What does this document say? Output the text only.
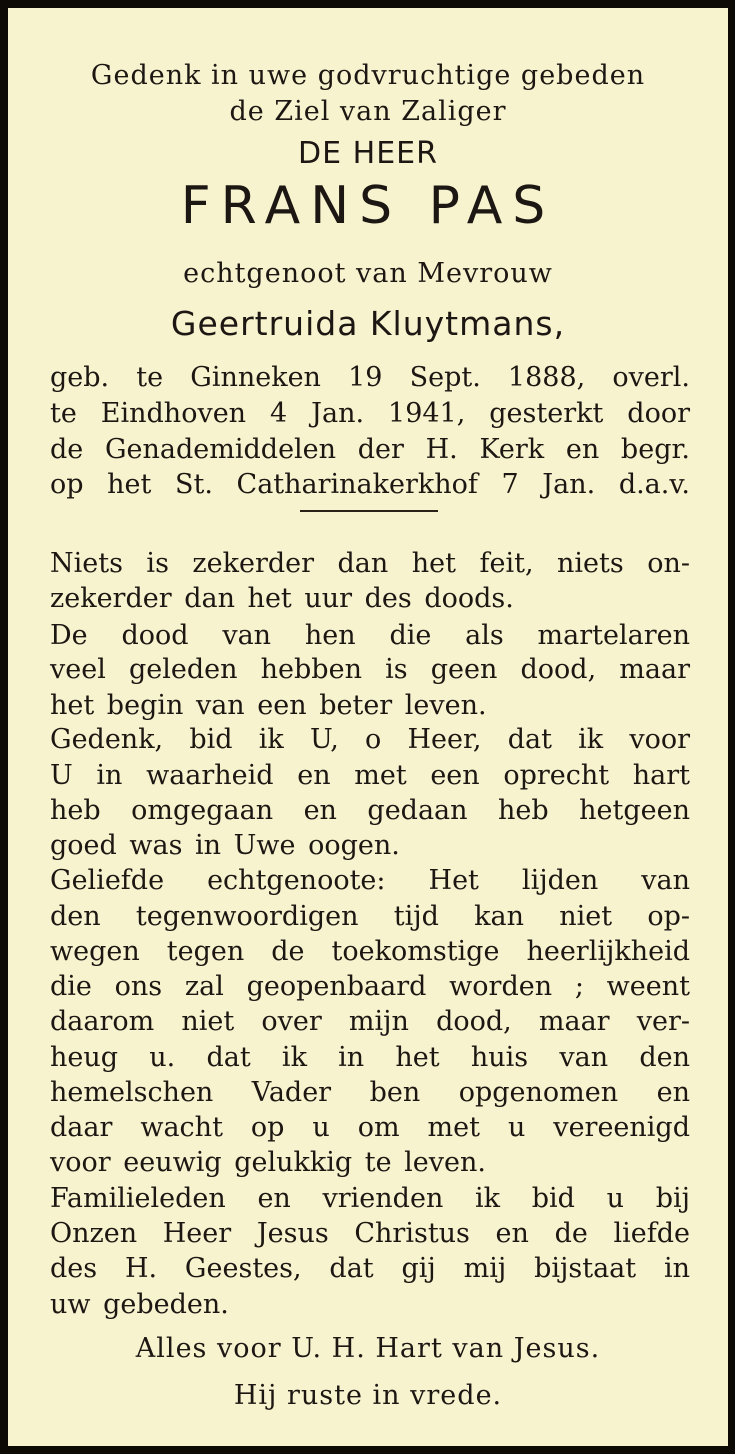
Gedenk in uwe godvruchtige gebeden

de Ziel van Zaliger

DE HEER

FRANS PAS

echtgenoot van Mevrouw

Geertruida Kluytmans,

geb. te Ginneken 19 Sept. 1888, overl.

te Eindhoven 4 Jan. 1941, gesterkt door

de Genademiddelen der H. Kerk en begr.

op het St. Catharinakerkhof 7 Jan. d.a.v.

Niets is zekerder dan het feit, niets on-

zekerder dan het uur des doods.

De dood van hen die als martelaren

veel geleden hebben is geen dood, maar

het begin van een beter leven.

Gedenk, bid ik U, o Heer, dat ik voor

U in waarheid en met een oprecht hart

heb omgegaan en gedaan heb hetgeen

goed was in Uwe oogen.

Geliefde echtgenoote: Het lijden van

den tegenwoordigen tijd kan niet op-

wegen tegen de toekomstige heerlijkheid

die ons zal geopenbaard worden ; weent

daarom niet over mijn dood, maar ver-

heug u. dat ik in het huis van den

hemelschen Vader ben opgenomen en

daar wacht op u om met u vereenigd

voor eeuwig gelukkig te leven.

Familieleden en vrienden ik bid u bij

Onzen Heer Jesus Christus en de liefde

des H. Geestes, dat gij mij bijstaat in

uw gebeden.

Alles voor U. H. Hart van Jesus.

Hij ruste in vrede.
